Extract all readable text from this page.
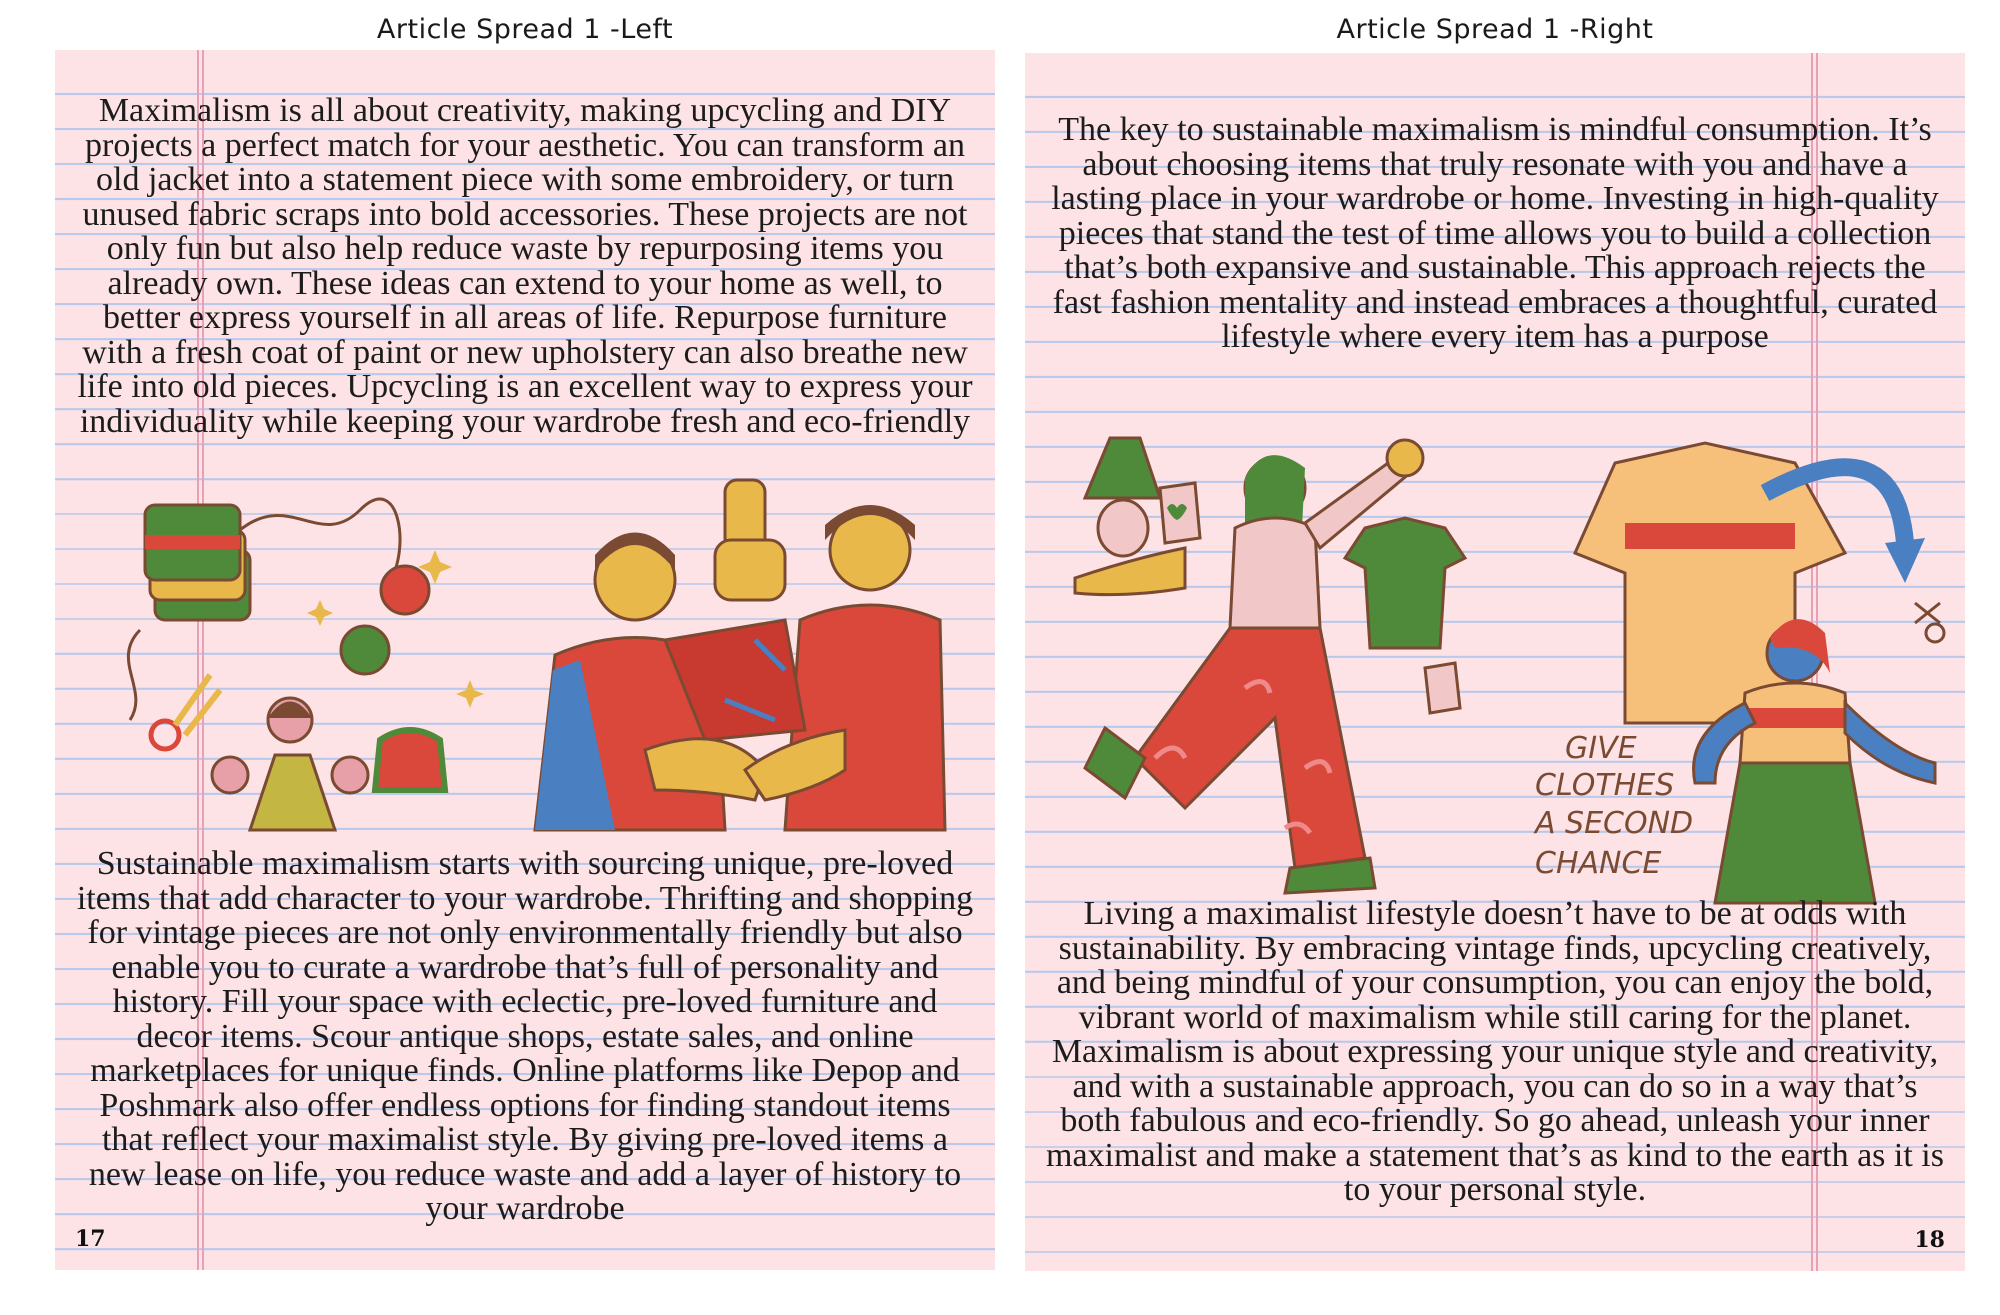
Article Spread 1 -Left	Article Spread 1 -Right
Maximalism is all about creativity, making upcycling and DIY projects a perfect match for your aesthetic. You can transform an old jacket into a statement piece with some embroidery, or turn unused fabric scraps into bold accessories. These projects are not only fun but also help reduce waste by repurposing items you already own. These ideas can extend to your home as well, to better express yourself in all areas of life. Repurpose furniture with a fresh coat of paint or new upholstery can also breathe new life into old pieces. Upcycling is an excellent way to express your individuality while keeping your wardrobe fresh and eco-friendly
Sustainable maximalism starts with sourcing unique, pre-loved items that add character to your wardrobe. Thrifting and shopping for vintage pieces are not only environmentally friendly but also enable you to curate a wardrobe that’s full of personality and history. Fill your space with eclectic, pre-loved furniture and decor items. Scour antique shops, estate sales, and online marketplaces for unique finds. Online platforms like Depop and Poshmark also offer endless options for finding standout items that reflect your maximalist style. By giving pre-loved items a new lease on life, you reduce waste and add a layer of history to your wardrobe
17
The key to sustainable maximalism is mindful consumption. It’s about choosing items that truly resonate with you and have a lasting place in your wardrobe or home. Investing in high-quality pieces that stand the test of time allows you to build a collection that’s both expansive and sustainable. This approach rejects the fast fashion mentality and instead embraces a thoughtful, curated lifestyle where every item has a purpose
GIVE
CLOTHES
A SECOND
CHANCE
Living a maximalist lifestyle doesn’t have to be at odds with sustainability. By embracing vintage finds, upcycling creatively, and being mindful of your consumption, you can enjoy the bold, vibrant world of maximalism while still caring for the planet. Maximalism is about expressing your unique style and creativity, and with a sustainable approach, you can do so in a way that’s both fabulous and eco-friendly. So go ahead, unleash your inner maximalist and make a statement that’s as kind to the earth as it is to your personal style.
18
